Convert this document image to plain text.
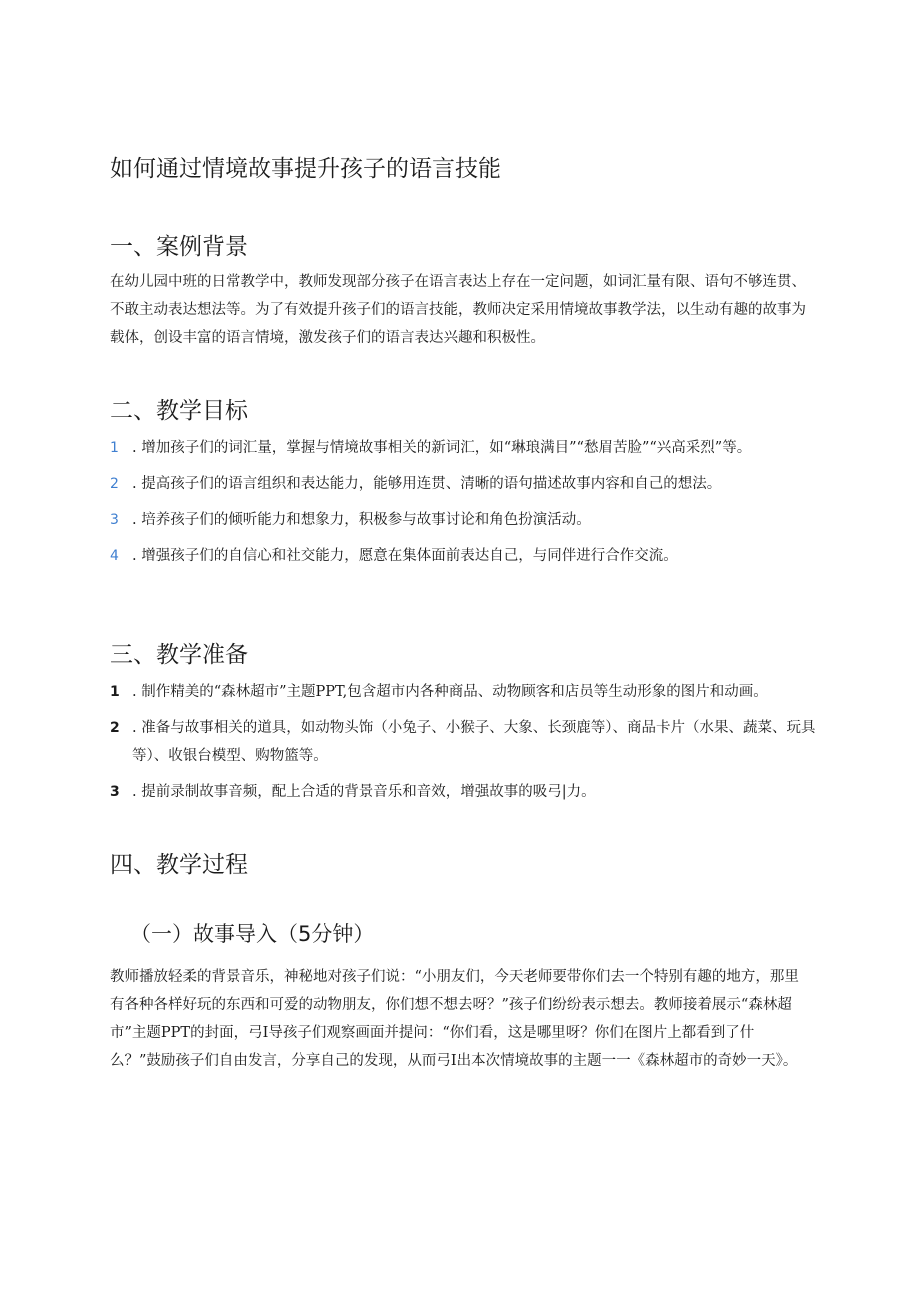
如何通过情境故事提升孩子的语言技能
一、案例背景

在幼儿园中班的日常教学中，教师发现部分孩子在语言表达上存在一定问题，如词汇量有限、语句不够连贯、不敢主动表达想法等。为了有效提升孩子们的语言技能，教师决定采用情境故事教学法，以生动有趣的故事为载体，创设丰富的语言情境，激发孩子们的语言表达兴趣和积极性。

二、教学目标
1 . 增加孩子们的词汇量，掌握与情境故事相关的新词汇，如“琳琅满目”“愁眉苦脸”“兴高采烈”等。
2 . 提高孩子们的语言组织和表达能力，能够用连贯、清晰的语句描述故事内容和自己的想法。
3 . 培养孩子们的倾听能力和想象力，积极参与故事讨论和角色扮演活动。
4 . 增强孩子们的自信心和社交能力，愿意在集体面前表达自己，与同伴进行合作交流。
三、教学准备
1 . 制作精美的“森林超市”主题PPT,包含超市内各种商品、动物顾客和店员等生动形象的图片和动画。
2 . 准备与故事相关的道具，如动物头饰（小兔子、小猴子、大象、长颈鹿等）、商品卡片（水果、蔬菜、玩具等）、收银台模型、购物篮等。
3 . 提前录制故事音频，配上合适的背景音乐和音效，增强故事的吸弓|力。
四、教学过程
（一）故事导入（5分钟）

教师播放轻柔的背景音乐，神秘地对孩子们说：“小朋友们，今天老师要带你们去一个特别有趣的地方，那里有各种各样好玩的东西和可爱的动物朋友，你们想不想去呀？”孩子们纷纷表示想去。教师接着展示“森林超市”主题PPT的封面，弓I导孩子们观察画面并提问：“你们看，这是哪里呀？你们在图片上都看到了什么？”鼓励孩子们自由发言，分享自己的发现，从而弓I出本次情境故事的主题一一《森林超市的奇妙一天》。
